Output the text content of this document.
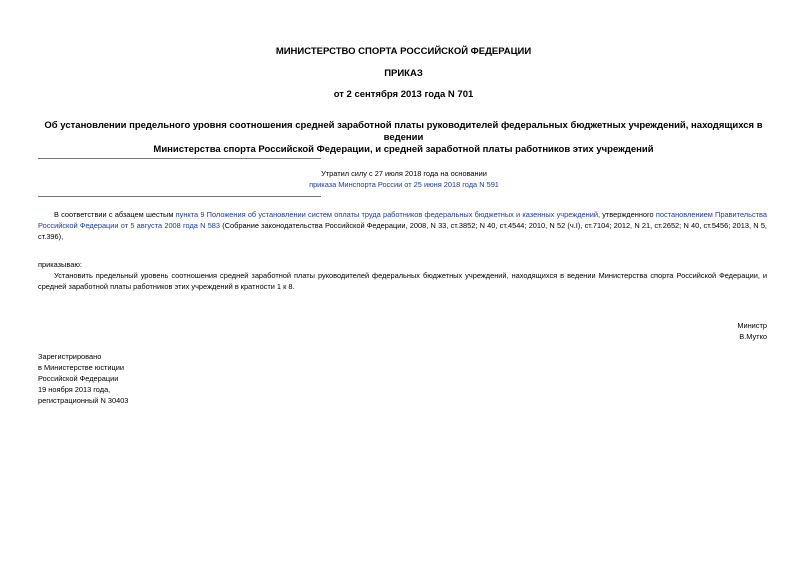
МИНИСТЕРСТВО СПОРТА РОССИЙСКОЙ ФЕДЕРАЦИИ
ПРИКАЗ
от 2 сентября 2013 года N 701
Об установлении предельного уровня соотношения средней заработной платы руководителей федеральных бюджетных учреждений, находящихся в ведении
Министерства спорта Российской Федерации, и средней заработной платы работников этих учреждений
Утратил силу с 27 июля 2018 года на основании
приказа Минспорта России от 25 июня 2018 года N 591
В соответствии с абзацем шестым пункта 9 Положения об установлении систем оплаты труда работников федеральных бюджетных и казенных учреждений, утвержденного постановлением Правительства Российской Федерации от 5 августа 2008 года N 583 (Собрание законодательства Российской Федерации, 2008, N 33, ст.3852; N 40, ст.4544; 2010, N 52 (ч.I), ст.7104; 2012, N 21, ст.2652; N 40, ст.5456; 2013, N 5, ст.396),
приказываю:
Установить предельный уровень соотношения средней заработной платы руководителей федеральных бюджетных учреждений, находящихся в ведении Министерства спорта Российской Федерации, и средней заработной платы работников этих учреждений в кратности 1 к 8.
Министр
В.Мутко
Зарегистрировано
в Министерстве юстиции
Российской Федерации
19 ноября 2013 года,
регистрационный N 30403
